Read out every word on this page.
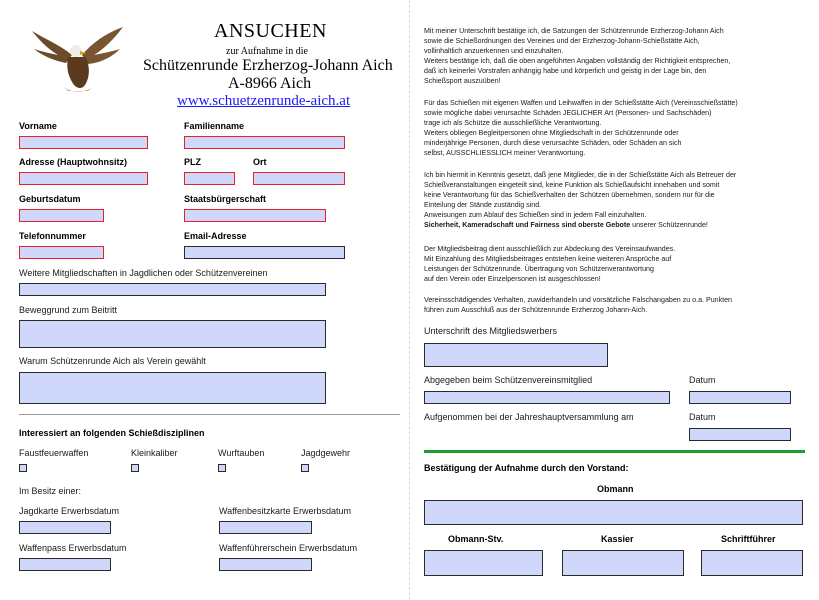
ANSUCHEN
zur Aufnahme in die
Schützenrunde Erzherzog-Johann Aich
A-8966 Aich
www.schuetzenrunde-aich.at
Vorname	Familienname
Adresse (Hauptwohnsitz)	PLZ	Ort
Geburtsdatum	Staatsbürgerschaft
Telefonnummer	Email-Adresse
Weitere Mitgliedschaften in Jagdlichen oder Schützenvereinen
Beweggrund zum Beitritt
Warum Schützenrunde Aich als Verein gewählt
Interessiert an folgenden Schießdisziplinen
Faustfeuerwaffen	Kleinkaliber	Wurftauben	Jagdgewehr
Im Besitz einer:
Jagdkarte Erwerbsdatum	Waffenbesitzkarte Erwerbsdatum
Waffenpass Erwerbsdatum	Waffenführerschein Erwerbsdatum
Mit meiner Unterschrift bestätige ich, die Satzungen der Schützenrunde Erzherzog-Johann Aich
sowie die Schießordnungen des Vereines und der Erzherzog-Johann-Schießstätte Aich,
vollinhaltlich anzuerkennen und einzuhalten.
Weiters bestätige ich, daß die oben angeführten Angaben vollständig der Richtigkeit entsprechen,
daß ich keinerlei Vorstrafen anhängig habe und körperlich und geistig in der Lage bin, den
Schießsport auszuüben!
Für das Schießen mit eigenen Waffen und Leihwaffen in der Schießstätte Aich (Vereinsschießstätte)
sowie mögliche dabei verursachte Schäden JEGLICHER Art (Personen- und Sachschäden)
trage ich als Schütze die ausschließliche Verantwortung.
Weiters obliegen Begleitpersonen ohne Mitgliedschaft in der Schützenrunde oder
minderjährige Personen, durch diese verursachte Schäden, oder Schäden an sich
selbst, AUSSCHLIESSLICH meiner Verantwortung.
Ich bin hiermit in Kenntnis gesetzt, daß jene Mitglieder, die in der Schießstätte Aich als Betreuer der
Schießveranstaltungen eingeteilt sind, keine Funktion als Schießaufsicht innehaben und somit
keine Verantwortung für das Schießverhalten der Schützen übernehmen, sondern nur für die
Einteilung der Stände zuständig sind.
Anweisungen zum Ablauf des Schießen sind in jedem Fall einzuhalten.
Sicherheit, Kameradschaft und Fairness sind oberste Gebote unserer Schützenrunde!
Der Mitgliedsbeitrag dient ausschließlich zur Abdeckung des Vereinsaufwandes.
Mit Einzahlung des Mitgliedsbeitrages entstehen keine weiteren Ansprüche auf
Leistungen der Schützenrunde. Übertragung von Schützenverantwortung
auf den Verein oder Einzelpersonen ist ausgeschlossen!
Vereinsschädigendes Verhalten, zuwiderhandeln und vorsätzliche Falschangaben zu o.a. Punkten
führen zum Ausschluß aus der Schützenrunde Erzherzog Johann-Aich.
Unterschrift des Mitgliedswerbers
Abgegeben beim Schützenvereinsmitglied	Datum
Aufgenommen bei der Jahreshauptversammlung am	Datum
Bestätigung der Aufnahme durch den Vorstand:
Obmann
Obmann-Stv.	Kassier	Schriftführer
